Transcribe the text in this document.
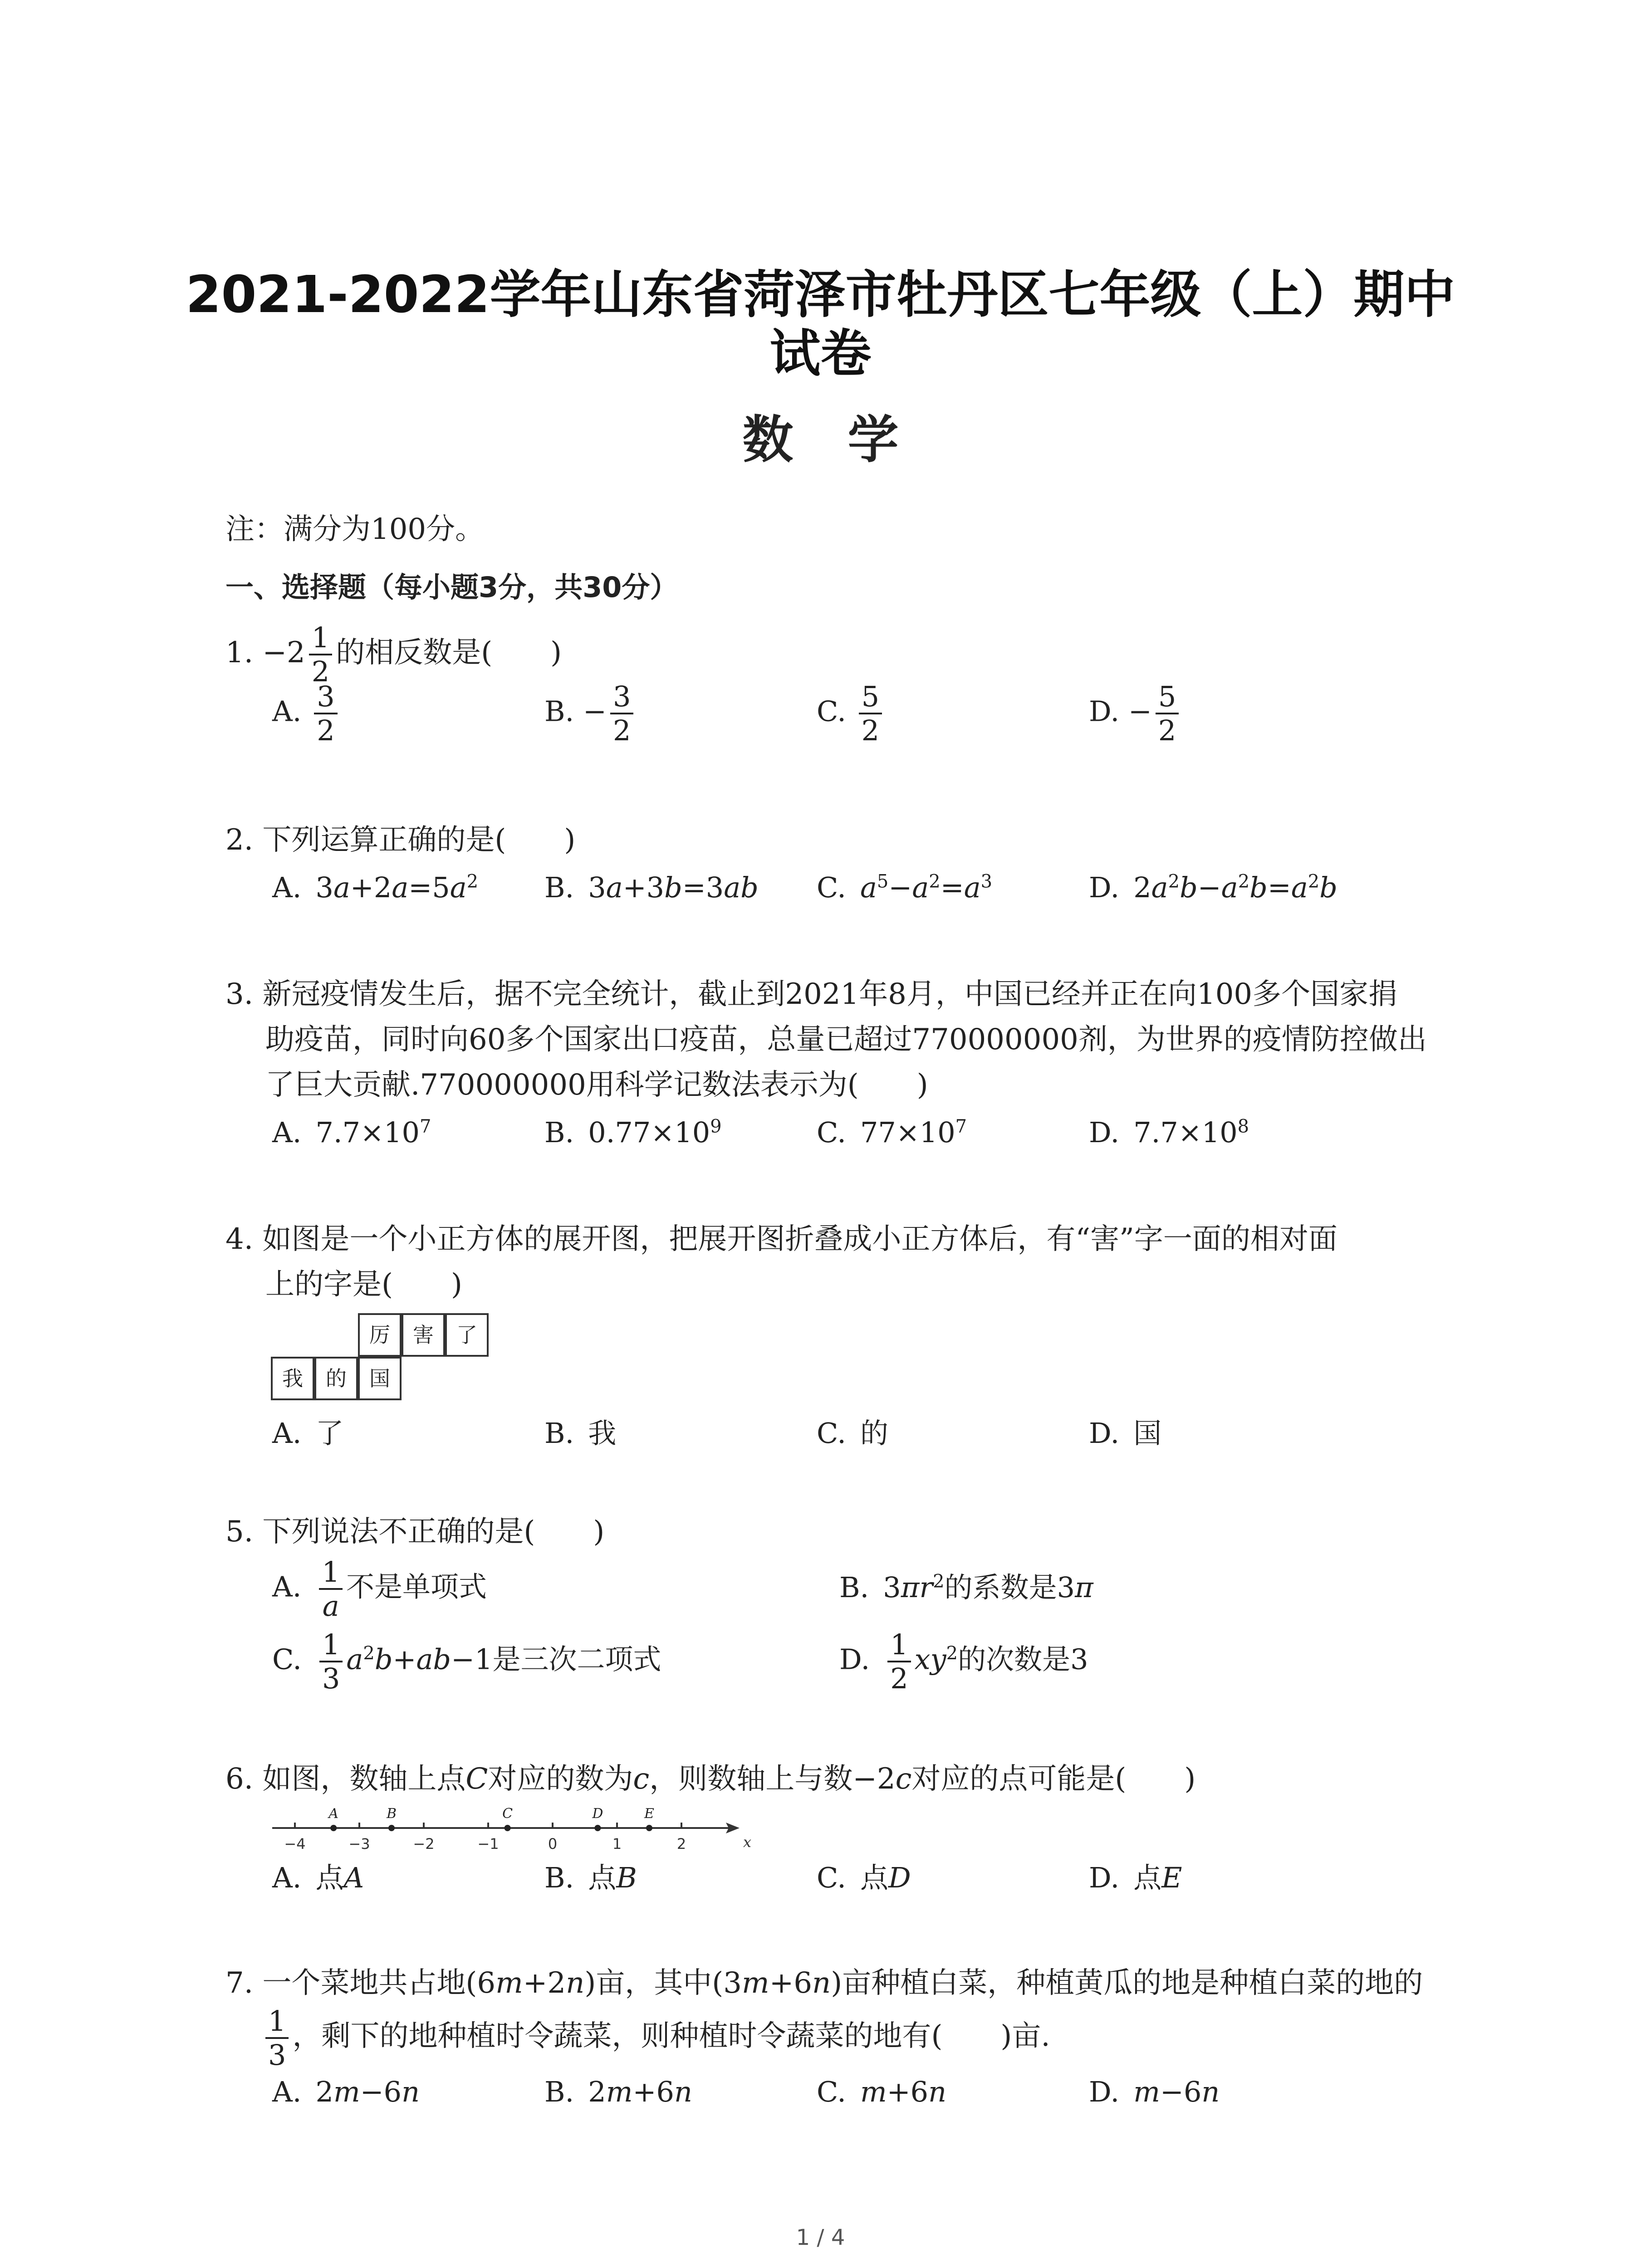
2021-2022学年山东省菏泽市牡丹区七年级（上）期中
试卷
数学
注：满分为100分。
一、选择题（每小题3分，共30分）
1. $-2 \frac{1}{2}$ 的相反数是(　　)
A. $\frac{3}{2}$	B. − $\frac{3}{2}$	C. $\frac{5}{2}$	D. − $\frac{5}{2}$
2. 下列运算正确的是(　　)
A. $3a+2a=5a^2$ B. 3a+3b=3ab C.  $a^5-a^2=a^3$	D. $2a^2b-a^2b=a^2b$
3. 新冠疫情发生后，据不完全统计，截止到2021年8月，中国已经并正在向100多个国家捐
助疫苗，同时向60多个国家出口疫苗，总量已超过770000000剂，为世界的疫情防控做出
了巨大贡献.770000000用科学记数法表示为(　　)
A.  $7.7\times 10^7$	B.  $0.77\times 10^9$	C.  $77\times 10^7$	D.  $7.7\times 10^8$
4. 如图是一个小正方体的展开图，把展开图折叠成小正方体后，有“害”字一面的相对面
上的字是(　　)
厉	害	了
我	的	国
A.  了	B.  我	C.  的	D.  国
5. 下列说法不正确的是(　　)
A.  $\frac{1}{a}$ 不是单项式	B. $3\pi r^2$的系数是3π
C.  $\frac{1}{3} a^2b+ab-1$是三次二项式	D.  $\frac{1}{2} xy^2$的次数是3
6. 如图，数轴上点C对应的数为c，则数轴上与数−2c对应的点可能是(　　)
x
−4	−3	−2	−1	0	1	2
A	B	C	D	E
A.  点A	B.  点B	C.  点D	D.  点E
7. 一个菜地共占地(6m+2n)亩，其中(3m+6n)亩种植白菜，种植黄瓜的地是种植白菜的地的
$\frac{1}{3}$ ，剩下的地种植时令蔬菜，则种植时令蔬菜的地有(　　)亩.
A. 2m−6n	B. 2m+6n	C.  m+6n	D.  m−6n
1 / 4
